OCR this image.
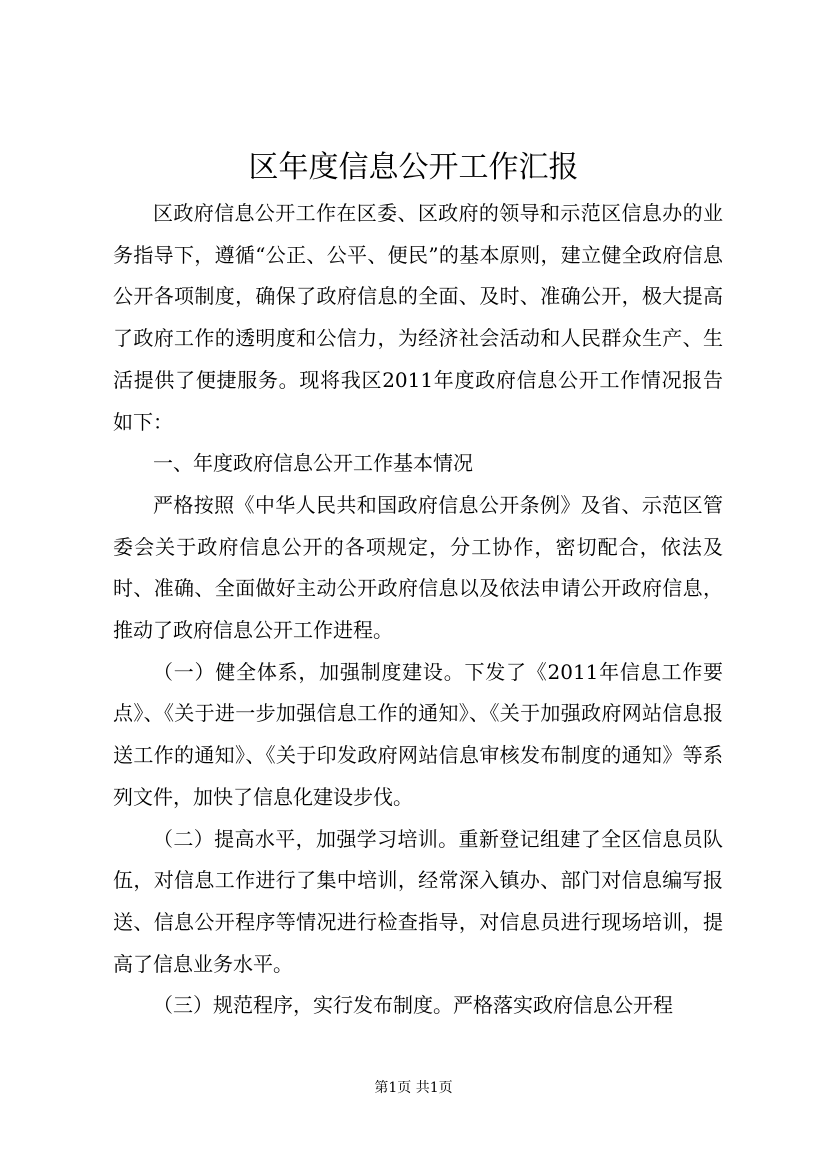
区年度信息公开工作汇报

区政府信息公开工作在区委、区政府的领导和示范区信息办的业务指导下，遵循“公正、公平、便民”的基本原则，建立健全政府信息公开各项制度，确保了政府信息的全面、及时、准确公开，极大提高了政府工作的透明度和公信力，为经济社会活动和人民群众生产、生活提供了便捷服务。现将我区2011年度政府信息公开工作情况报告如下：

一、年度政府信息公开工作基本情况

严格按照《中华人民共和国政府信息公开条例》及省、示范区管委会关于政府信息公开的各项规定，分工协作，密切配合，依法及时、准确、全面做好主动公开政府信息以及依法申请公开政府信息，推动了政府信息公开工作进程。

（一）健全体系，加强制度建设。下发了《2011年信息工作要点》、《关于进一步加强信息工作的通知》、《关于加强政府网站信息报送工作的通知》、《关于印发政府网站信息审核发布制度的通知》等系列文件，加快了信息化建设步伐。

（二）提高水平，加强学习培训。重新登记组建了全区信息员队伍，对信息工作进行了集中培训，经常深入镇办、部门对信息编写报送、信息公开程序等情况进行检查指导，对信息员进行现场培训，提高了信息业务水平。

（三）规范程序，实行发布制度。严格落实政府信息公开程

第1页 共1页
